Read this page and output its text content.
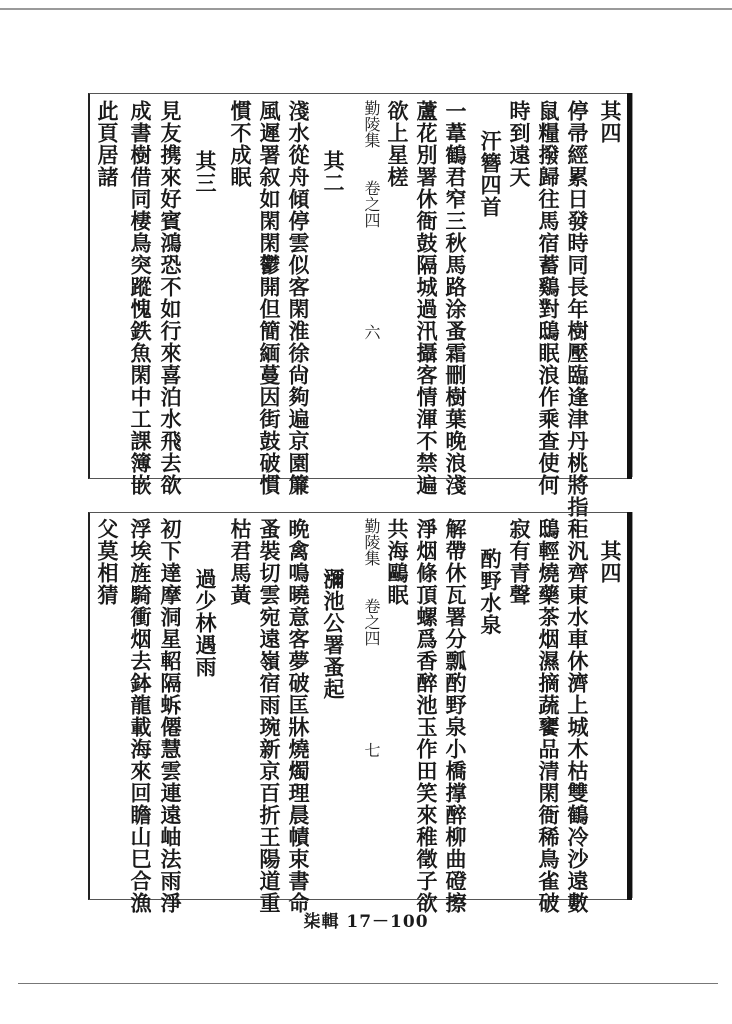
其四
停帚經累日發時同長年樹壓臨逢津丹桃將指
鼠糧撥歸往馬宿蓄鷄對鴟眠浪作乘查使何
時到遠天
汗簪四首
一葦鶴君窄三秋馬路涂蚤霜刪樹葉晚浪淺
蘆花別署休衙鼓隔城過汛攝客情渾不禁遍
欲上星槎
勤陵集　　卷之四　　　　　　六
其二
淺水從舟傾停雲似客閑淮徐尙夠遍京園簾
風遲署叙如閑閑鬱開但簡緬蔓因街鼓破慣
慣不成眠
其三
見友携來好賓鴻恐不如行來喜泊水飛去欲
成書樹借同棲鳥突蹤愧鉄魚閑中工課簿嵌
此頁居諸
其四
秬汎齊東水車休濟上城木枯雙鶴冷沙遠數
鴟輕燒藥茶烟濕摘蔬饔品清閑衙稀鳥雀破
寂有青聲
酌野水泉
解帶休瓦署分瓢酌野泉小橋撑醉柳曲磴擦
淨烟條頂螺爲香醉池玉作田笑來稚徵子欲
共海鷗眠
勤陵集　　卷之四　　　　　　七
瀰池公署蚤起
晩禽鳴曉意客夢破匡牀燒燭理晨幘束書命
蚤裝切雲宛遠嶺宿雨琬新京百折王陽道重
枯君馬黃
過少林遇雨
初下達摩洞星軺隔蚸僊慧雲連遠岫法雨淨
浮埃旌騎衝烟去鉢龍載海來回瞻山巳合漁
父莫相猜
柒輯 17－100
